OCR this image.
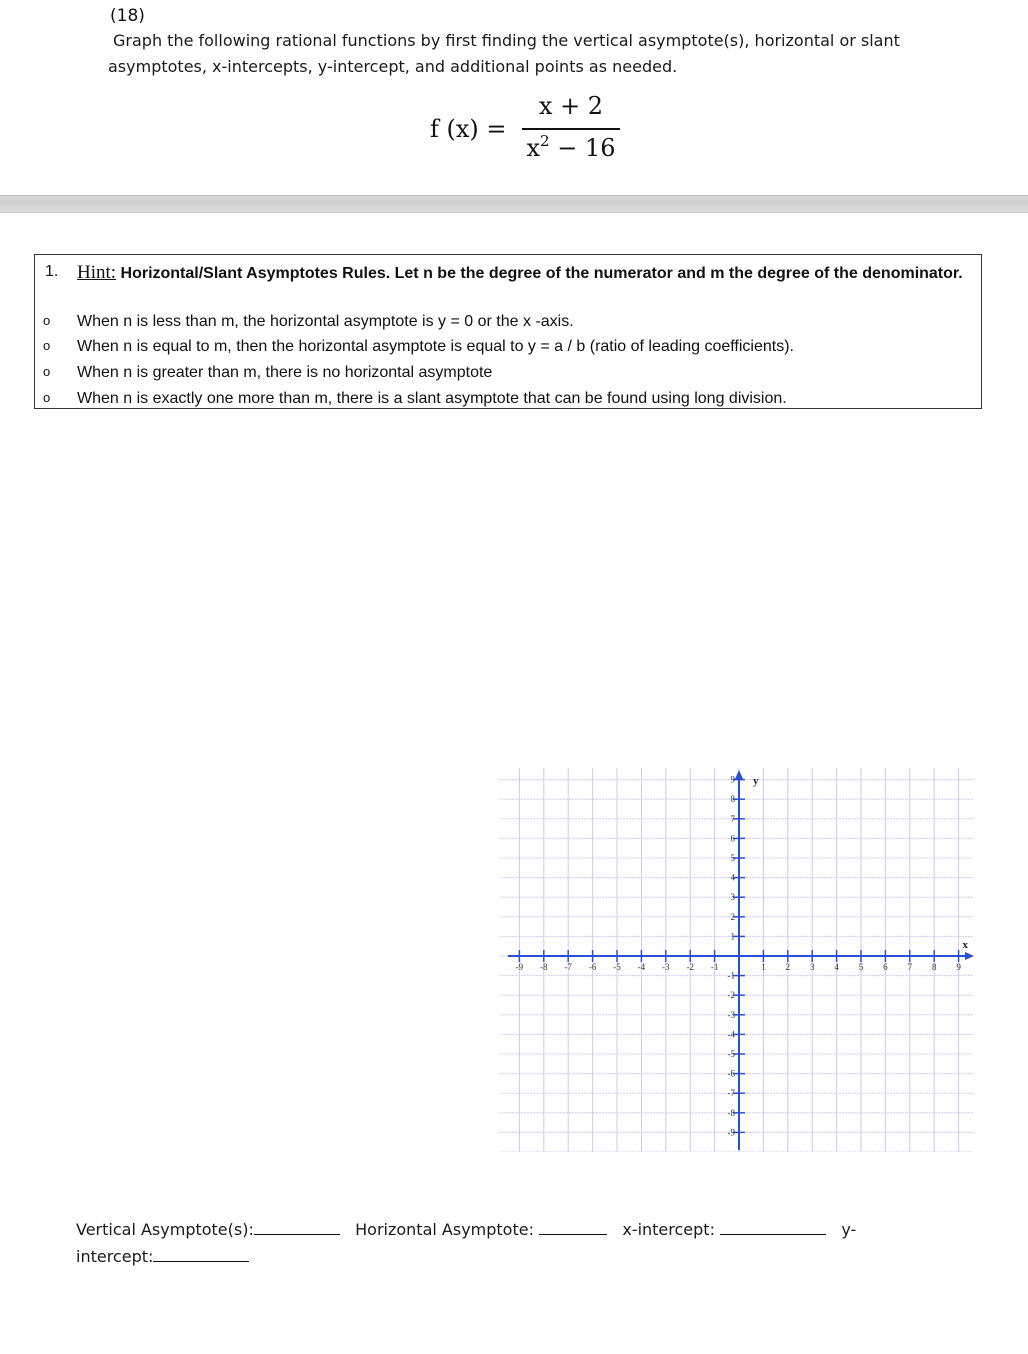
(18)
Graph the following rational functions by first finding the vertical asymptote(s), horizontal or slant
asymptotes, x-intercepts, y-intercept, and additional points as needed.
f (x) =
x + 2
$x^2 - 16$
1. Hint: Horizontal/Slant Asymptotes Rules. Let n be the degree of the numerator and m the degree of the denominator.
o When n is less than m, the horizontal asymptote is y = 0 or the x -axis.
o When n is equal to m, then the horizontal asymptote is equal to y = a / b (ratio of leading coefficients).
o When n is greater than m, there is no horizontal asymptote
o When n is exactly one more than m, there is a slant asymptote that can be found using long division.
x
y
-9 -8 -7 -6 -5 -4 -3 -2 -1	1 2 3 4 5 6 7 8 9
9
8
7
6
5
4
3
2
1
-1
-2
-3
-4
-5
-6
-7
-8
-9
Vertical Asymptote(s):	Horizontal Asymptote:	x-intercept:	y-
intercept:
